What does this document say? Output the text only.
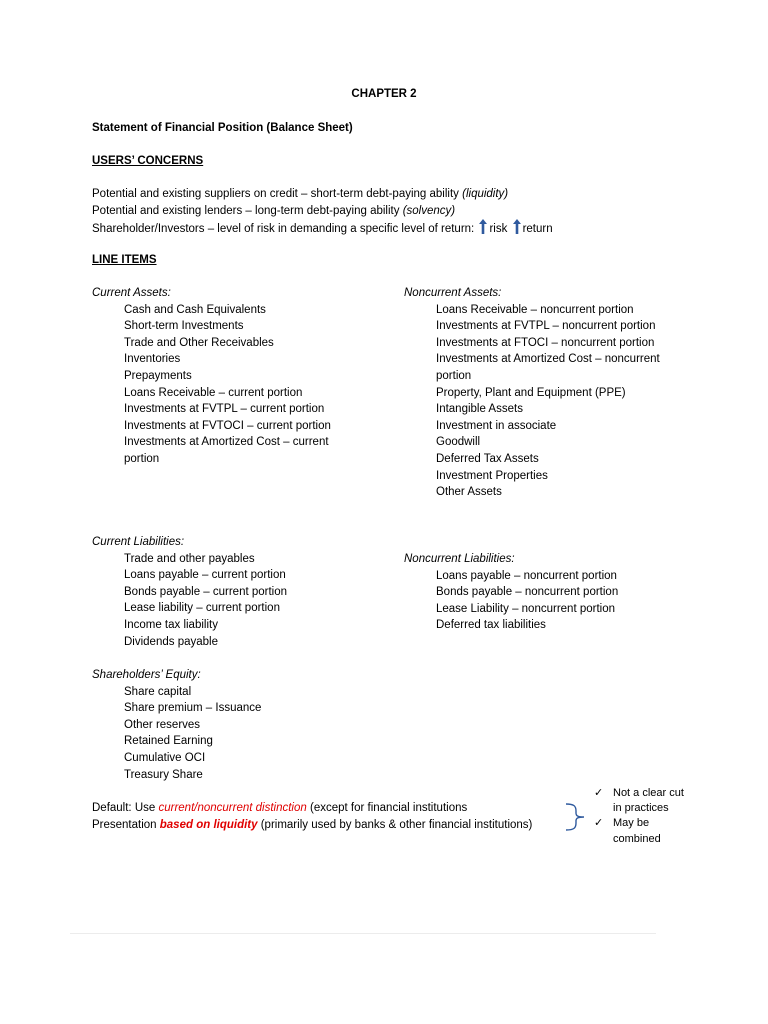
CHAPTER 2
Statement of Financial Position (Balance Sheet)
USERS’ CONCERNS
Potential and existing suppliers on credit – short-term debt-paying ability (liquidity)
Potential and existing lenders – long-term debt-paying ability (solvency)
Shareholder/Investors – level of risk in demanding a specific level of return: risk return
LINE ITEMS
Current Assets:
Cash and Cash Equivalents
Short-term Investments
Trade and Other Receivables
Inventories
Prepayments
Loans Receivable – current portion
Investments at FVTPL – current portion
Investments at FVTOCI – current portion
Investments at Amortized Cost – current portion
Noncurrent Assets:
Loans Receivable – noncurrent portion
Investments at FVTPL – noncurrent portion
Investments at FTOCI – noncurrent portion
Investments at Amortized Cost – noncurrent portion
Property, Plant and Equipment (PPE)
Intangible Assets
Investment in associate
Goodwill
Deferred Tax Assets
Investment Properties
Other Assets
Current Liabilities:
Trade and other payables
Loans payable – current portion
Bonds payable – current portion
Lease liability – current portion
Income tax liability
Dividends payable
Noncurrent Liabilities:
Loans payable – noncurrent portion
Bonds payable – noncurrent portion
Lease Liability – noncurrent portion
Deferred tax liabilities
Shareholders’ Equity:
Share capital
Share premium – Issuance
Other reserves
Retained Earning
Cumulative OCI
Treasury Share
Default: Use current/noncurrent distinction (except for financial institutions
Presentation based on liquidity (primarily used by banks & other financial institutions)
✓ Not a clear cut in practices
✓ May be combined
